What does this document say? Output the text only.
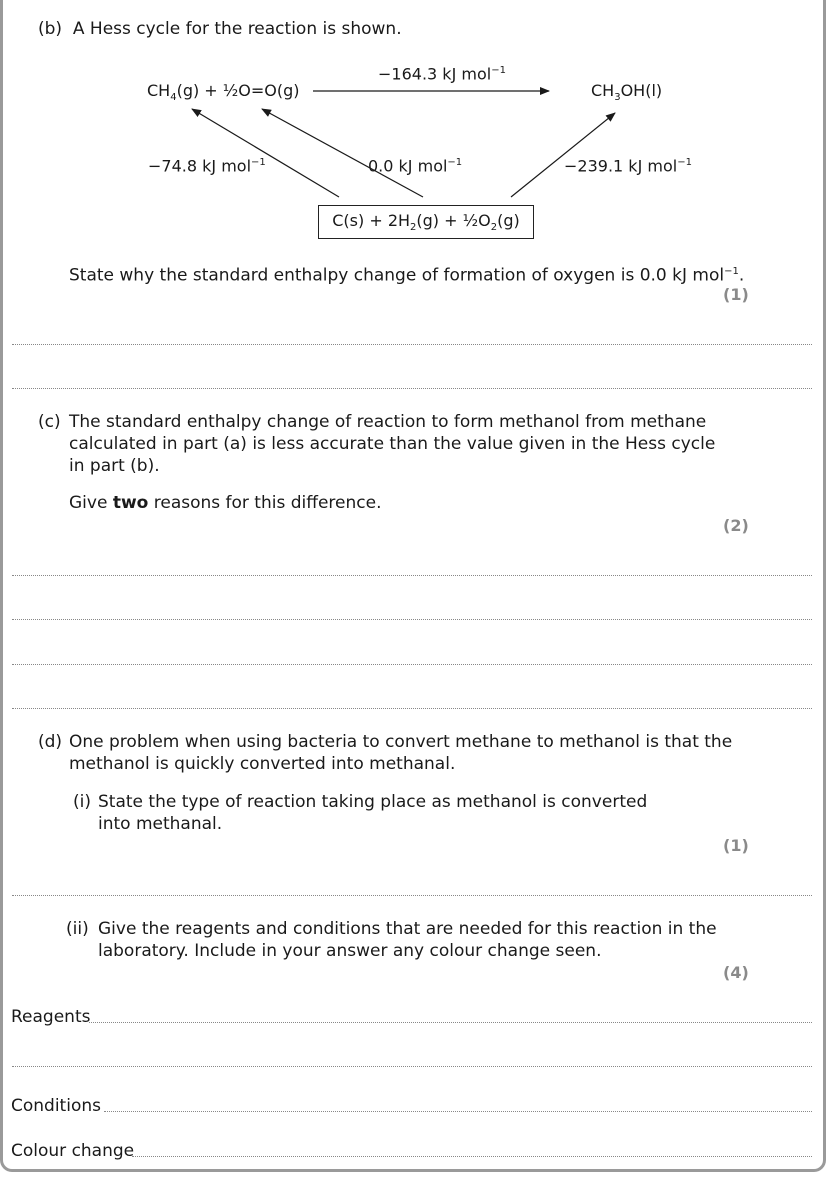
(b) A Hess cycle for the reaction is shown.
$CH_4(g)$ + ½O=O(g)	$CH_3OH(l)$
−164.3 kJ mol$^{-1}$
−74.8 kJ mol$^{-1}$	0.0 kJ mol$^{-1}$	−239.1 kJ mol$^{-1}$
$C(s) + 2H_2(g)$ + $\frac{1}{2}O_2(g)$
State why the standard enthalpy change of formation of oxygen is 0.0 kJ mol$^{-1}$.
(1)
(c) The standard enthalpy change of reaction to form methanol from methane
calculated in part (a) is less accurate than the value given in the Hess cycle
in part (b).
Give two reasons for this difference.
(2)
(d) One problem when using bacteria to convert methane to methanol is that the
methanol is quickly converted into methanal.
(i) State the type of reaction taking place as methanol is converted
into methanal.
(1)
(ii) Give the reagents and conditions that are needed for this reaction in the
laboratory. Include in your answer any colour change seen.
(4)
Reagents
Conditions
Colour change
